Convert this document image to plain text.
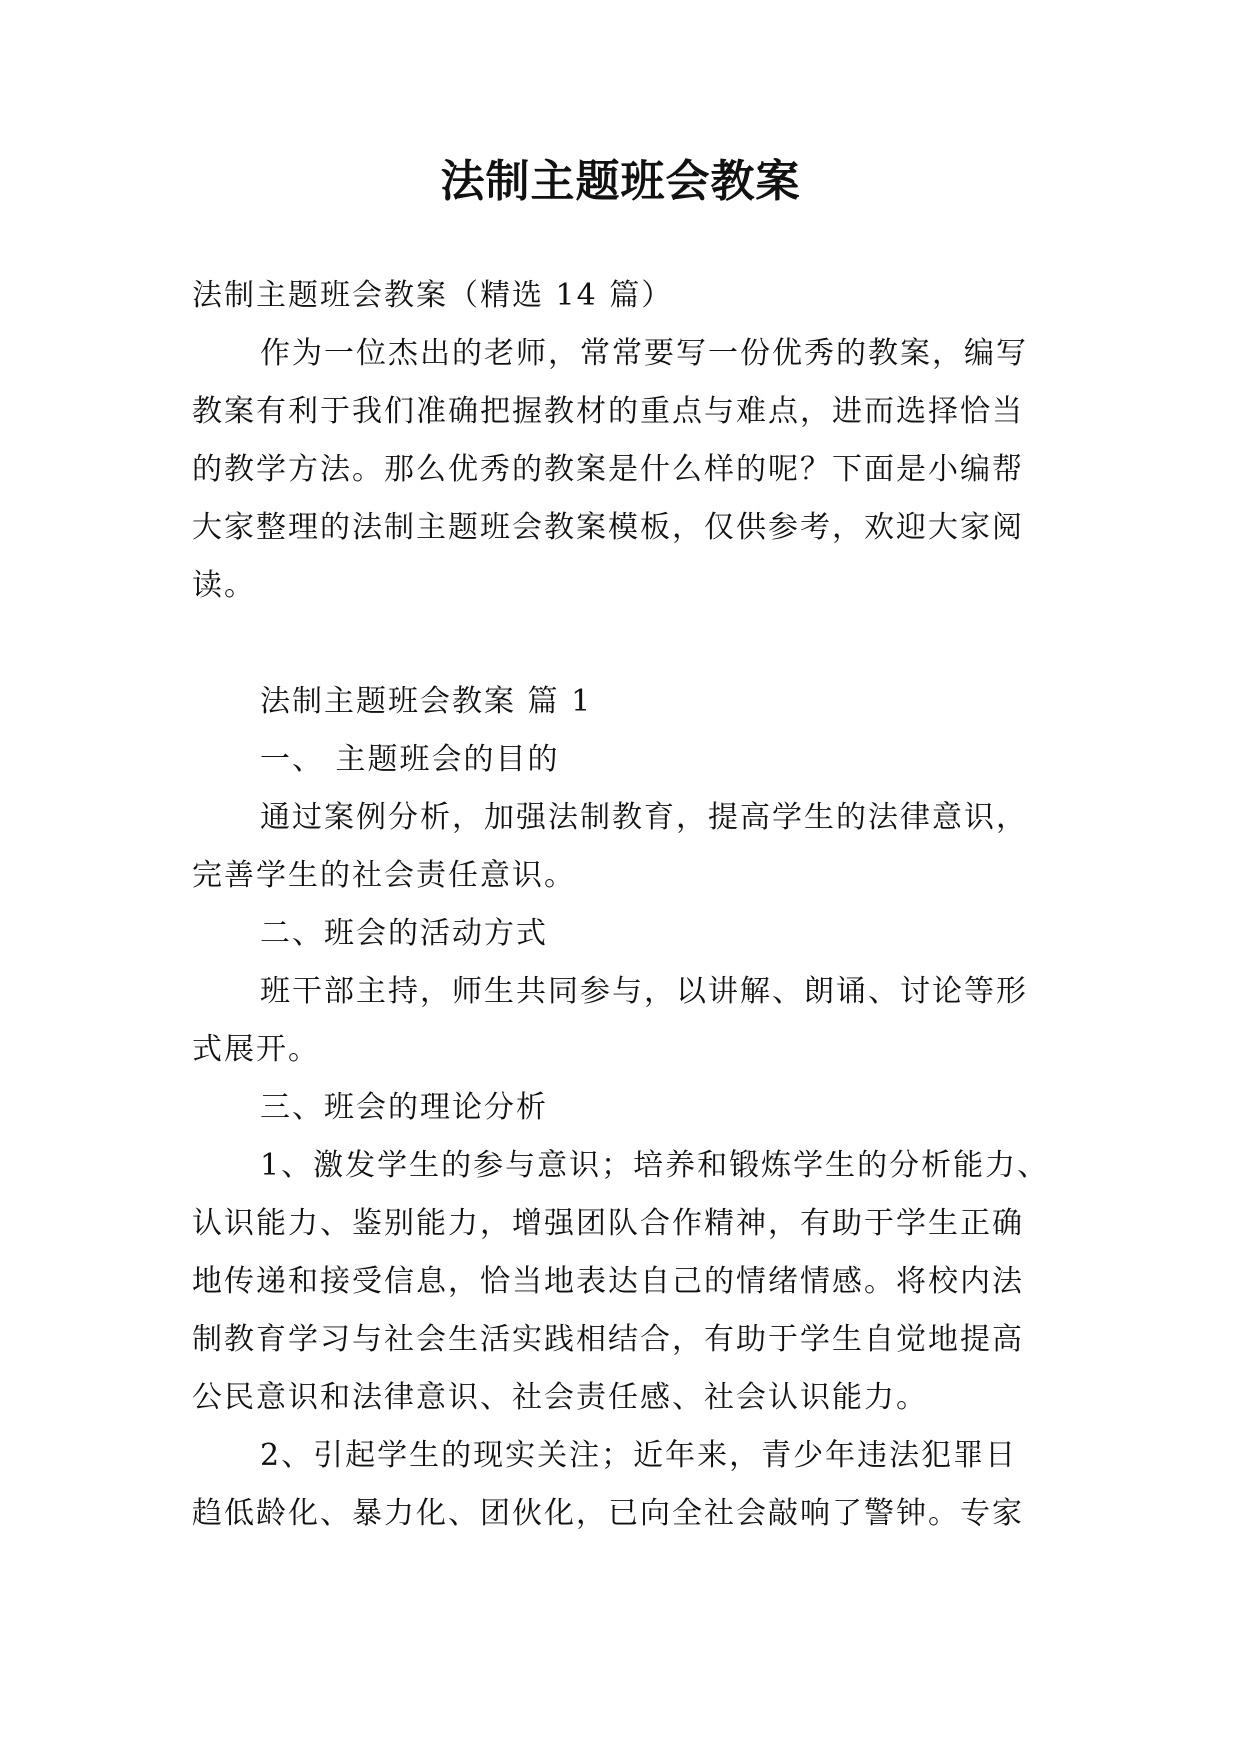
法制主题班会教案

法制主题班会教案（精选 14 篇）

作为一位杰出的老师，常常要写一份优秀的教案，编写

教案有利于我们准确把握教材的重点与难点，进而选择恰当

的教学方法。那么优秀的教案是什么样的呢？下面是小编帮

大家整理的法制主题班会教案模板，仅供参考，欢迎大家阅

读。

法制主题班会教案 篇 1

一、 主题班会的目的

通过案例分析，加强法制教育，提高学生的法律意识，

完善学生的社会责任意识。

二、班会的活动方式

班干部主持，师生共同参与，以讲解、朗诵、讨论等形

式展开。

三、班会的理论分析

1、激发学生的参与意识；培养和锻炼学生的分析能力、

认识能力、鉴别能力，增强团队合作精神，有助于学生正确

地传递和接受信息，恰当地表达自己的情绪情感。将校内法

制教育学习与社会生活实践相结合，有助于学生自觉地提高

公民意识和法律意识、社会责任感、社会认识能力。

2、引起学生的现实关注；近年来，青少年违法犯罪日

趋低龄化、暴力化、团伙化，已向全社会敲响了警钟。专家
